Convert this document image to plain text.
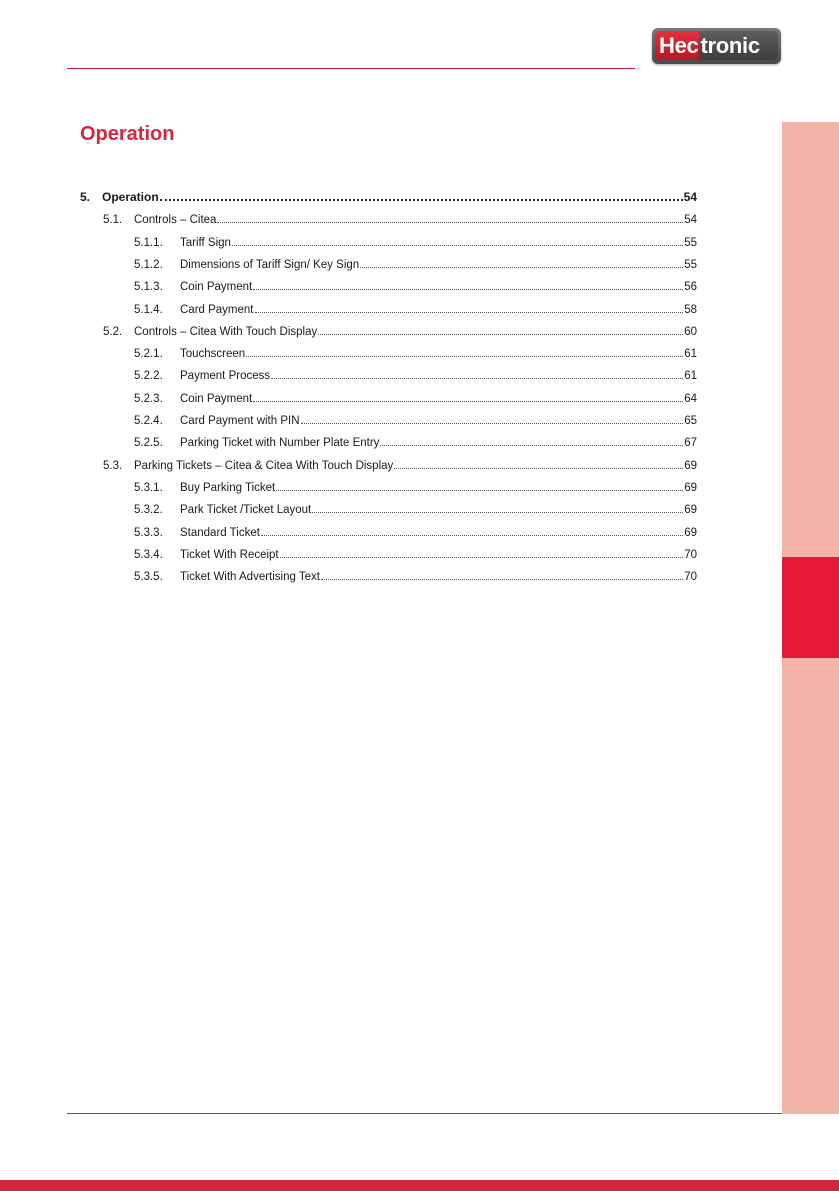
Hec tronic
Operation
5. Operation	54
5.1.	Controls – Citea	54
5.1.1.	Tariff Sign	55
5.1.2.	Dimensions of Tariff Sign/ Key Sign	55
5.1.3.	Coin Payment	56
5.1.4.	Card Payment	58
5.2.	Controls – Citea With Touch Display	60
5.2.1.	Touchscreen	61
5.2.2.	Payment Process	61
5.2.3.	Coin Payment	64
5.2.4.	Card Payment with PIN	65
5.2.5.	Parking Ticket with Number Plate Entry	67
5.3.	Parking Tickets – Citea & Citea With Touch Display	69
5.3.1.	Buy Parking Ticket	69
5.3.2.	Park Ticket /Ticket Layout	69
5.3.3.	Standard Ticket	69
5.3.4.	Ticket With Receipt	70
5.3.5.	Ticket With Advertising Text	70
